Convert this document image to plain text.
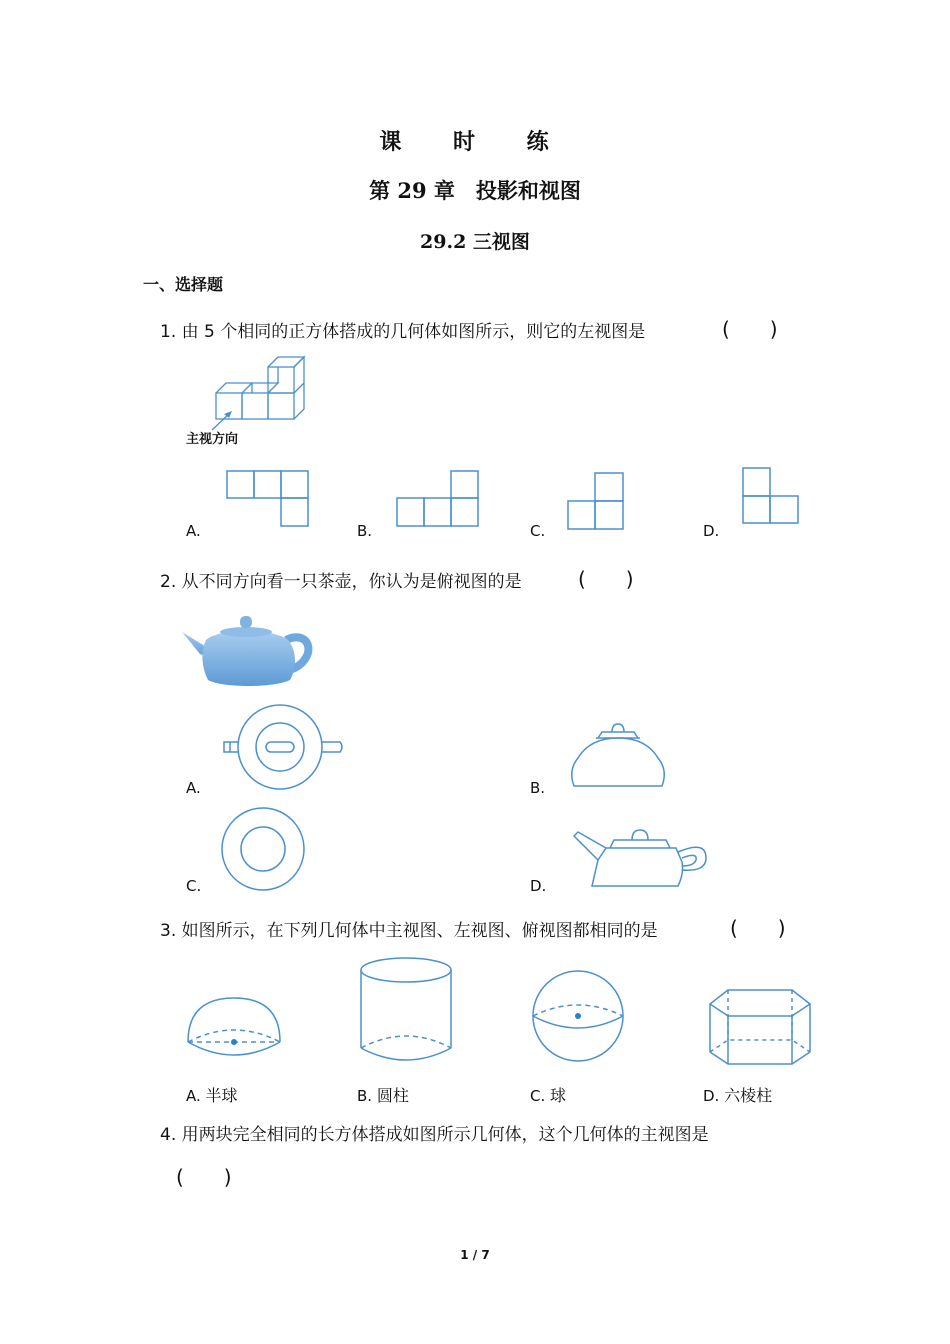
课 时 练
第 29 章　投影和视图
29.2 三视图
一、选择题
1. 由 5 个相同的正方体搭成的几何体如图所示，则它的左视图是	(　　)
主视方向
A.	B.	C.	D.
2. 从不同方向看一只茶壶，你认为是俯视图的是	(　　)
A.	B.
C.	D.
3. 如图所示，在下列几何体中主视图、左视图、俯视图都相同的是	(　　)
A. 半球	B. 圆柱	C. 球	D. 六棱柱
4. 用两块完全相同的长方体搭成如图所示几何体，这个几何体的主视图是
(　　)
1 / 7
